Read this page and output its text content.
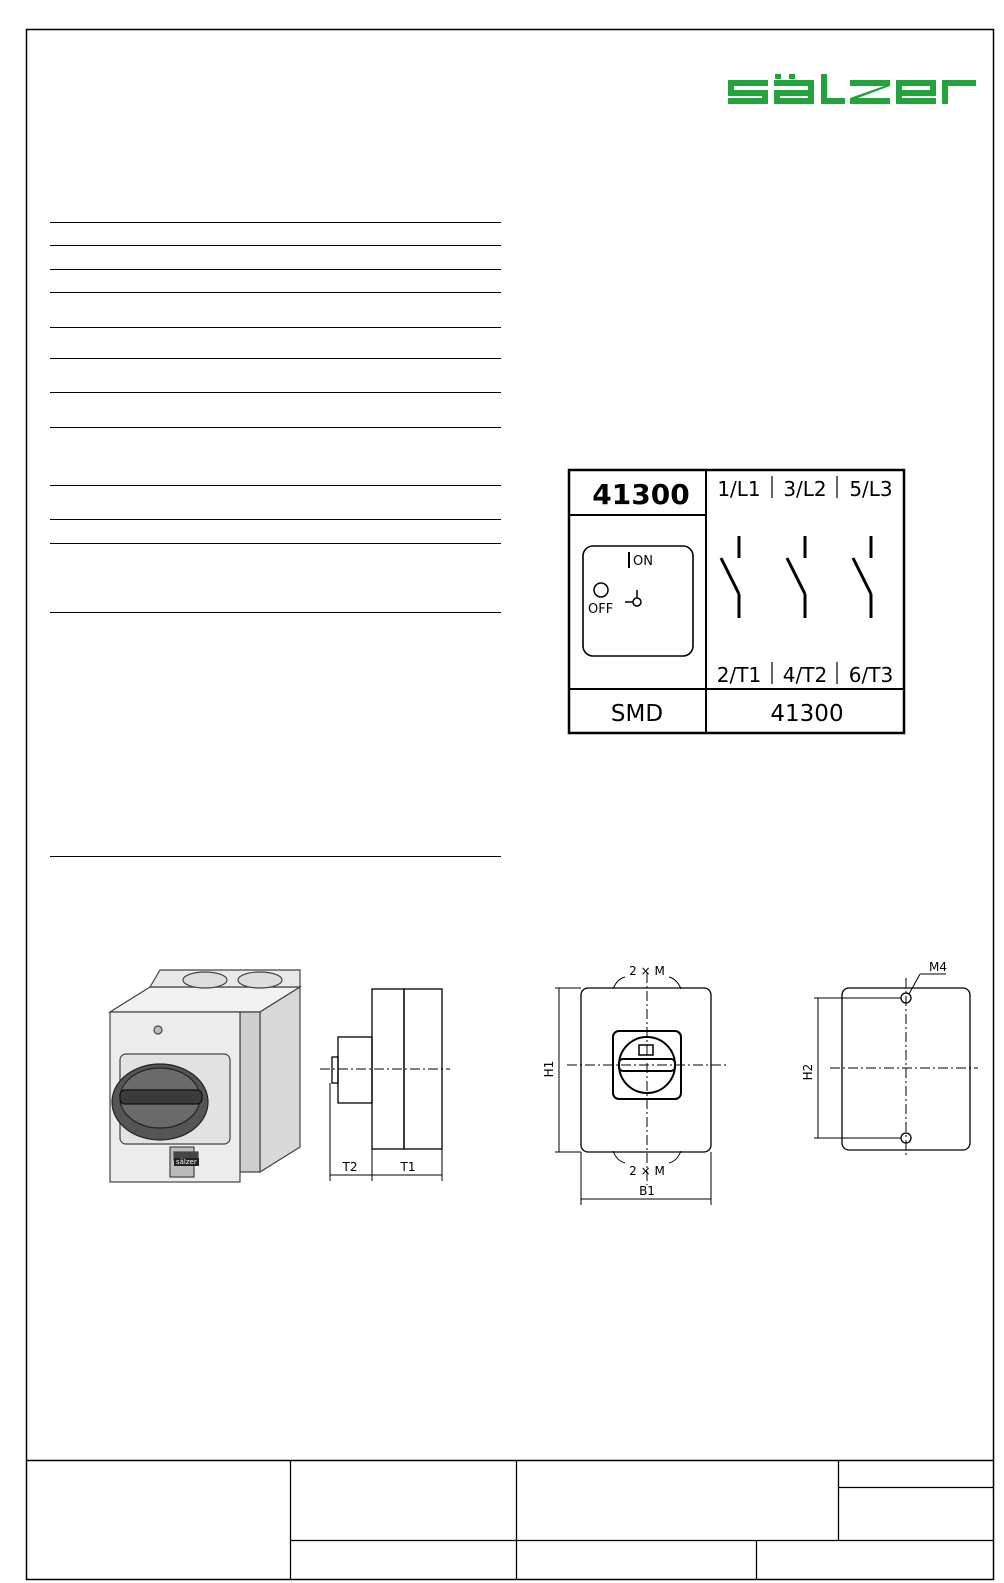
41300 1/L1 3/L2 5/L3
2/T1 4/T2 6/T3
ON
OFF
SMD	41300
sälzer	T2	T1
2 × M
2 × M
H1
B1
H2
M4
